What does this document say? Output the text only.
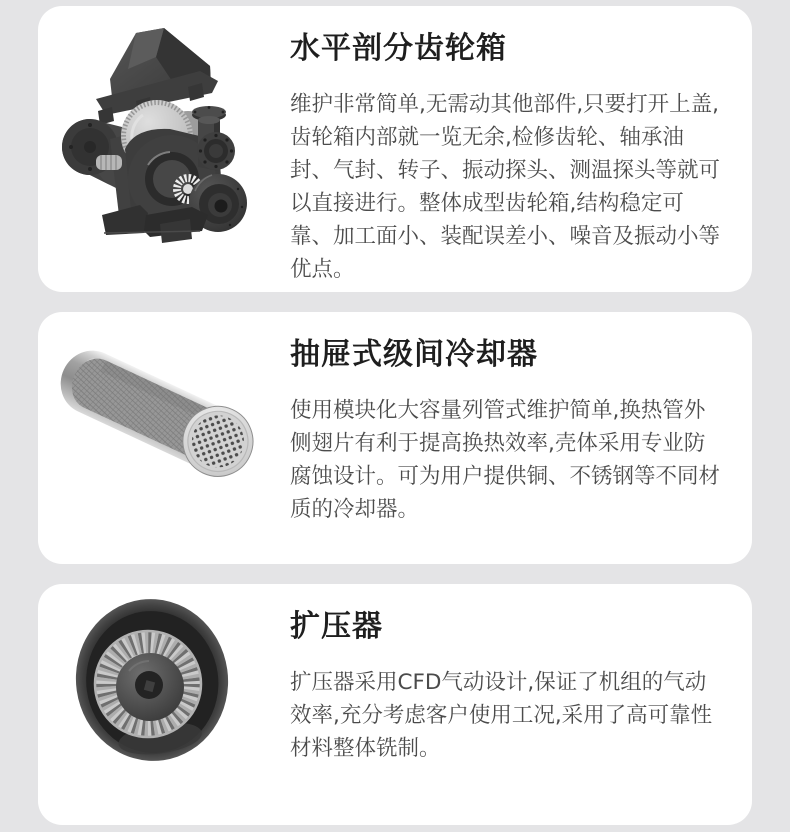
水平剖分齿轮箱

维护非常简单,无需动其他部件,只要打开上盖,齿轮箱内部就一览无余,检修齿轮、轴承油封、气封、转子、振动探头、测温探头等就可以直接进行。整体成型齿轮箱,结构稳定可靠、加工面小、装配误差小、噪音及振动小等优点。

抽屉式级间冷却器

使用模块化大容量列管式维护简单,换热管外侧翅片有利于提高换热效率,壳体采用专业防腐蚀设计。可为用户提供铜、不锈钢等不同材质的冷却器。

扩压器

扩压器采用CFD气动设计,保证了机组的气动效率,充分考虑客户使用工况,采用了高可靠性材料整体铣制。
